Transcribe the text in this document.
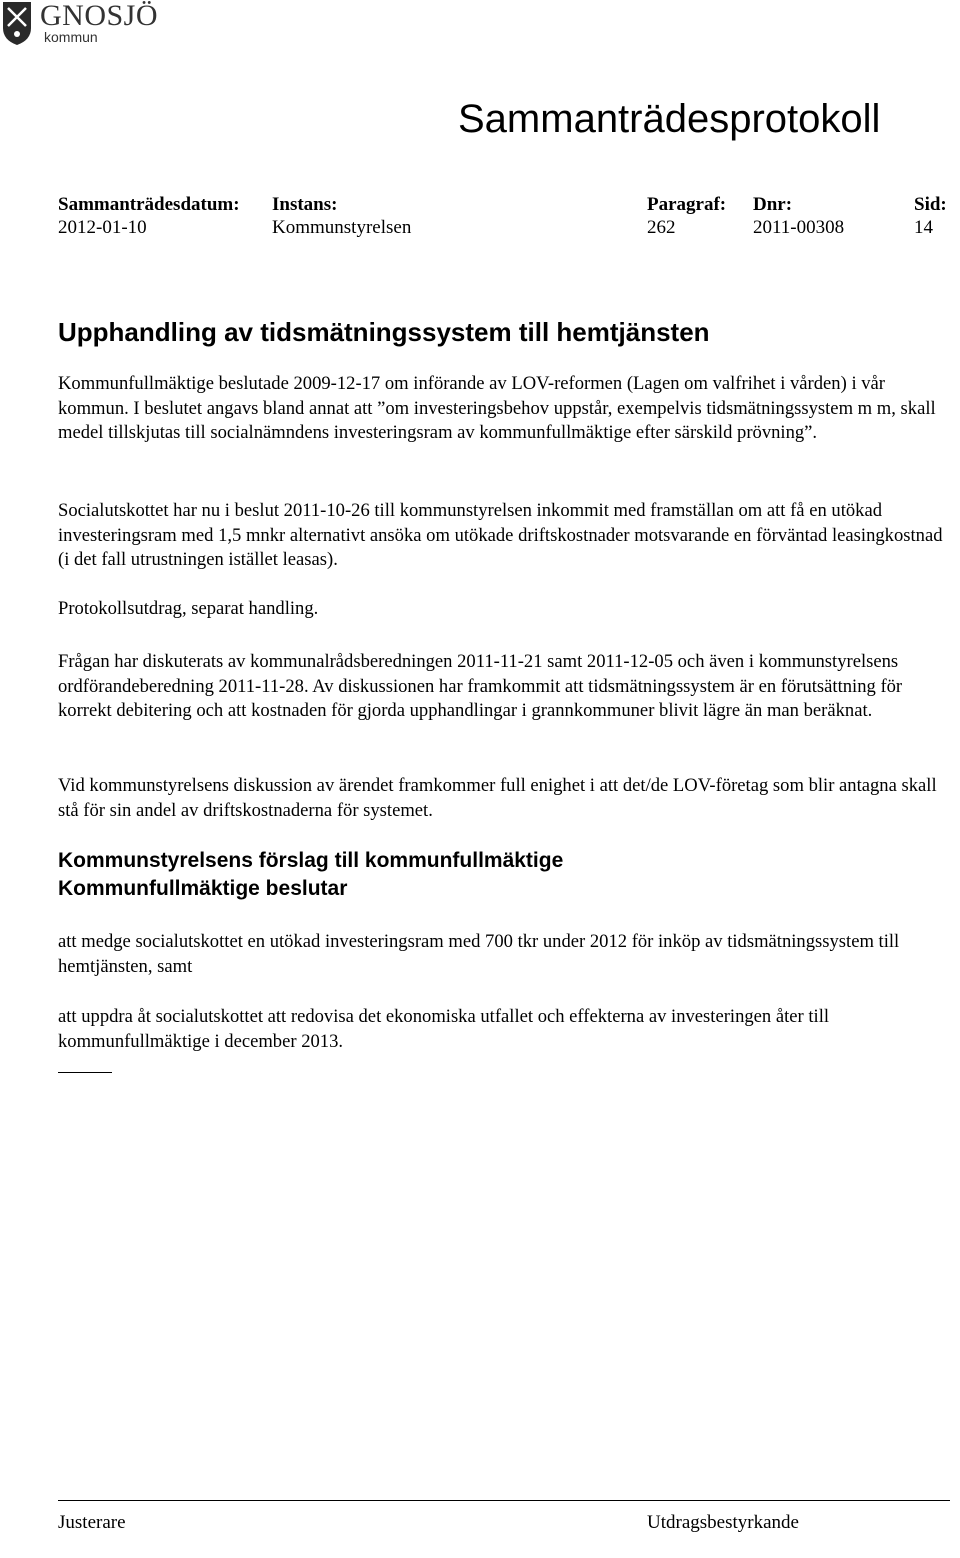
GNOSJÖ
kommun
Sammanträdesprotokoll
Sammanträdesdatum:
2012-01-10
Instans:
Kommunstyrelsen
Paragraf:
262
Dnr:
2011-00308
Sid:
14
Upphandling av tidsmätningssystem till hemtjänsten

Kommunfullmäktige beslutade 2009-12-17 om införande av LOV-reformen (Lagen om valfrihet i vården) i vår kommun. I beslutet angavs bland annat att ”om investeringsbehov uppstår, exempelvis tidsmätningssystem m m, skall medel tillskjutas till socialnämndens investeringsram av kommunfullmäktige efter särskild prövning”.

Socialutskottet har nu i beslut 2011-10-26 till kommunstyrelsen inkommit med framställan om att få en utökad investeringsram med 1,5 mnkr alternativt ansöka om utökade driftskostnader motsvarande en förväntad leasingkostnad (i det fall utrustningen istället leasas).

Protokollsutdrag, separat handling.

Frågan har diskuterats av kommunalrådsberedningen 2011-11-21 samt 2011-12-05 och även i kommunstyrelsens ordförandeberedning 2011-11-28. Av diskussionen har framkommit att tidsmätningssystem är en förutsättning för korrekt debitering och att kostnaden för gjorda upphandlingar i grannkommuner blivit lägre än man beräknat.

Vid kommunstyrelsens diskussion av ärendet framkommer full enighet i att det/de LOV-företag som blir antagna skall stå för sin andel av driftskostnaderna för systemet.

Kommunstyrelsens förslag till kommunfullmäktige
Kommunfullmäktige beslutar

att medge socialutskottet en utökad investeringsram med 700 tkr under 2012 för inköp av tidsmätningssystem till hemtjänsten, samt

att uppdra åt socialutskottet att redovisa det ekonomiska utfallet och effekterna av investeringen åter till kommunfullmäktige i december 2013.

Justerare	Utdragsbestyrkande
